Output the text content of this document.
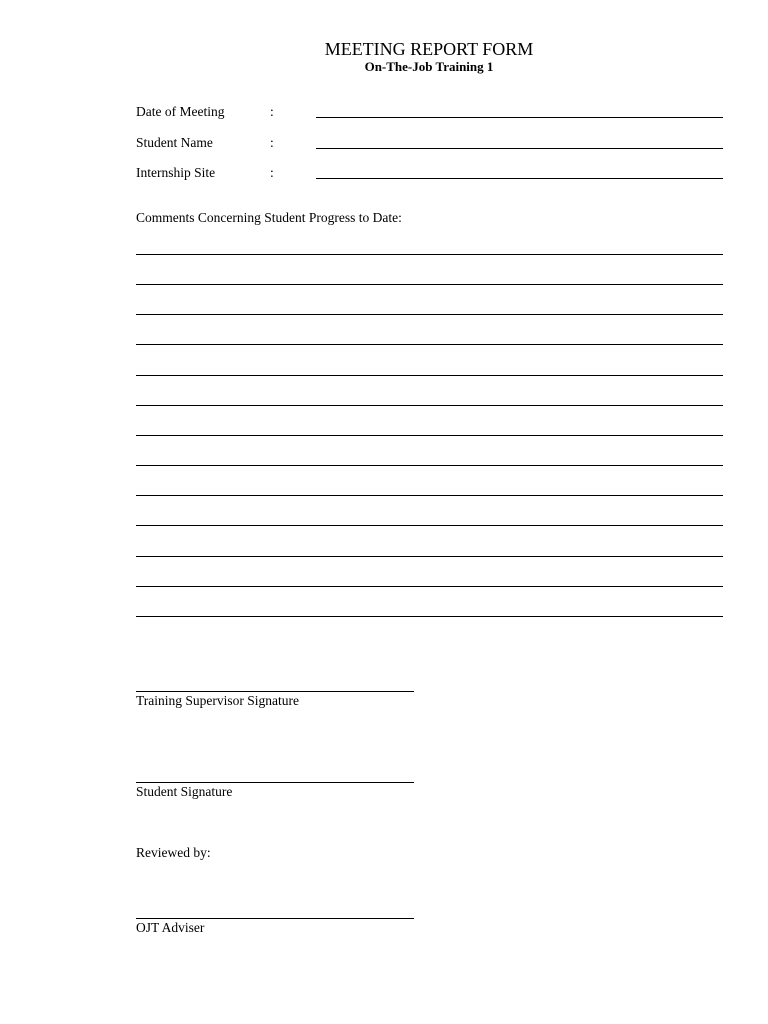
MEETING REPORT FORM
On-The-Job Training 1
Date of Meeting	:
Student Name	:
Internship Site	:
Comments Concerning Student Progress to Date:
Training Supervisor Signature
Student Signature
Reviewed by:
OJT Adviser
